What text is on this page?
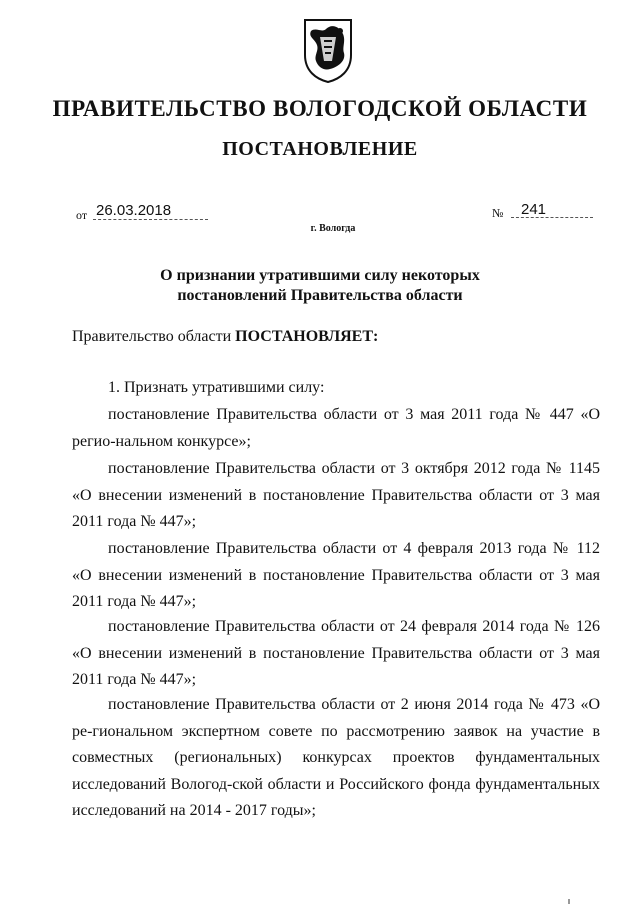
ПРАВИТЕЛЬСТВО ВОЛОГОДСКОЙ ОБЛАСТИ
ПОСТАНОВЛЕНИЕ
от 26.03.2018	№ 241
г. Вологда
О признании утратившими силу некоторых
постановлений Правительства области
Правительство области ПОСТАНОВЛЯЕТ:
1. Признать утратившими силу:
постановление Правительства области от 3 мая 2011 года № 447 «О регио-нальном конкурсе»;
постановление Правительства области от 3 октября 2012 года № 1145 «О внесении изменений в постановление Правительства области от 3 мая 2011 года № 447»;
постановление Правительства области от 4 февраля 2013 года № 112 «О внесении изменений в постановление Правительства области от 3 мая 2011 года № 447»;
постановление Правительства области от 24 февраля 2014 года № 126 «О внесении изменений в постановление Правительства области от 3 мая 2011 года № 447»;
постановление Правительства области от 2 июня 2014 года № 473 «О ре-гиональном экспертном совете по рассмотрению заявок на участие в совместных (региональных) конкурсах проектов фундаментальных исследований Вологод-ской области и Российского фонда фундаментальных исследований на 2014 - 2017 годы»;
